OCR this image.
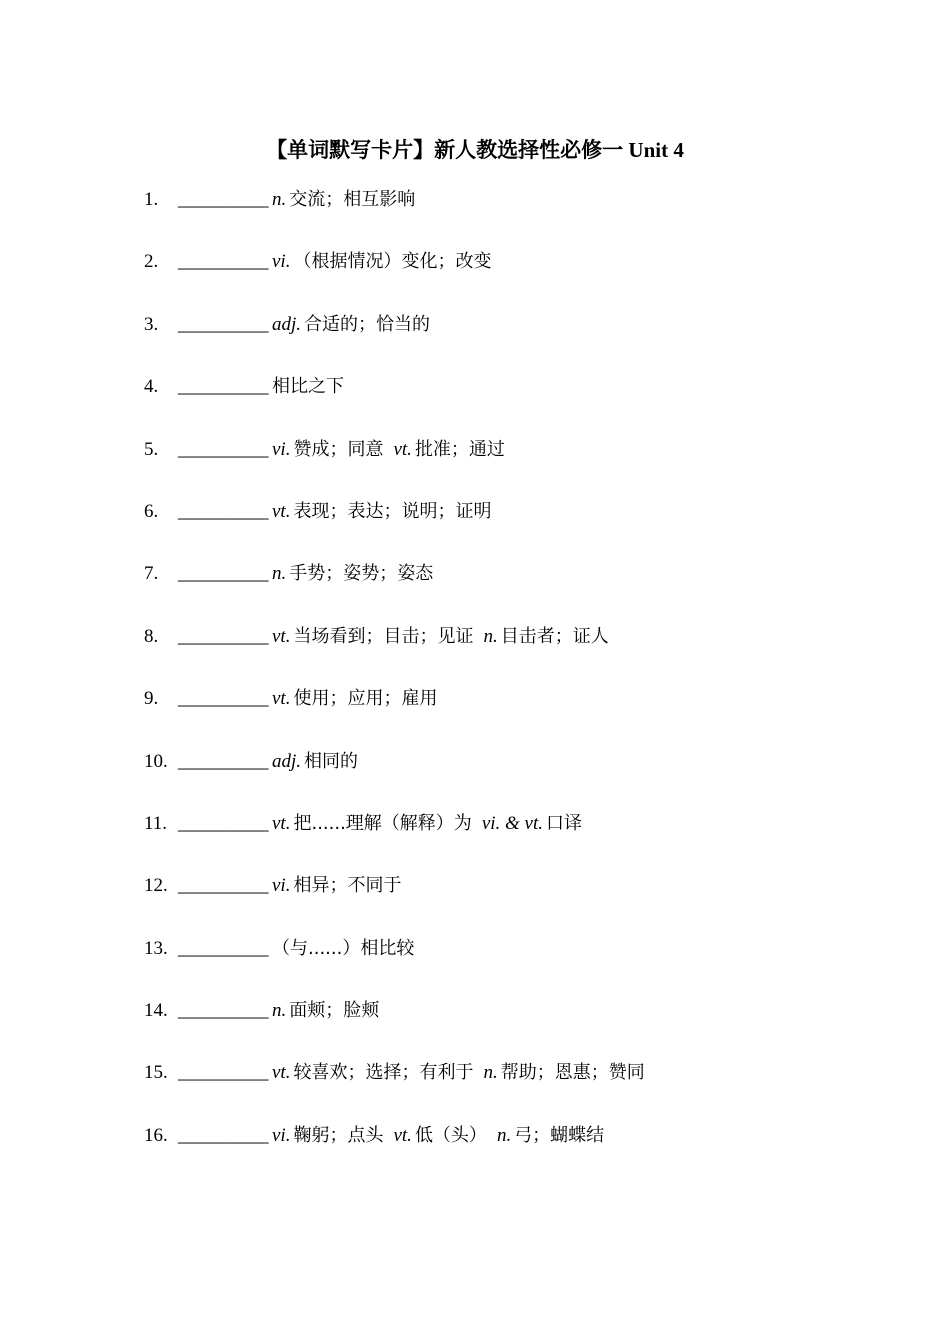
【单词默写卡片】新人教选择性必修一 Unit 4
1.	__________ n. 交流；相互影响
2.	__________ vi. （根据情况）变化；改变
3.	__________ adj. 合适的；恰当的
4.	__________ 相比之下
5.	__________ vi. 赞成；同意 vt. 批准；通过
6.	__________ vt. 表现；表达；说明；证明
7.	__________ n. 手势；姿势；姿态
8.	__________ vt. 当场看到；目击；见证 n. 目击者；证人
9.	__________ vt. 使用；应用；雇用
10. __________ adj. 相同的
11. __________ vt. 把......理解（解释）为 vi. & vt. 口译
12. __________ vi. 相异；不同于
13. __________ （与......）相比较
14. __________ n. 面颊；脸颊
15. __________ vt. 较喜欢；选择；有利于 n. 帮助；恩惠；赞同
16. __________ vi. 鞠躬；点头 vt. 低（头） n. 弓；蝴蝶结
